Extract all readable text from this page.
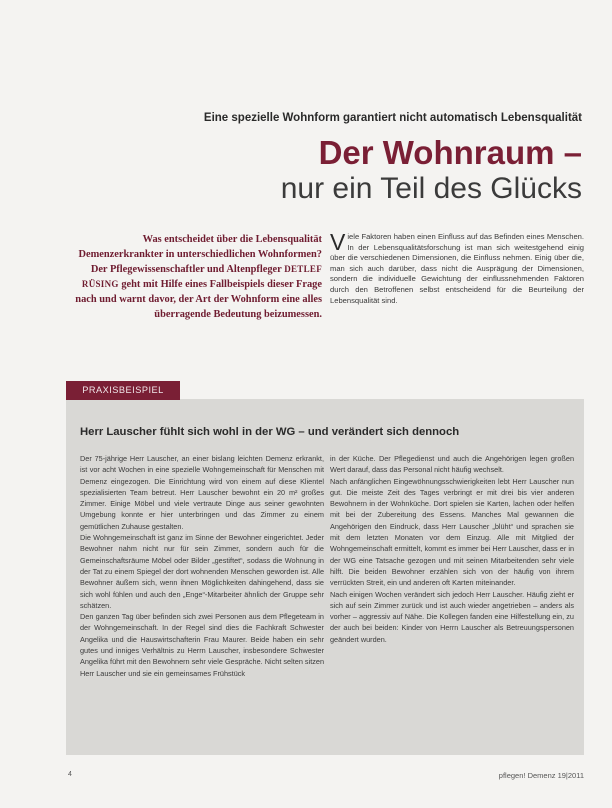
Eine spezielle Wohnform garantiert nicht automatisch Lebensqualität
Der Wohnraum –
nur ein Teil des Glücks
Was entscheidet über die Lebensqualität Demenzerkrankter in unterschiedlichen Wohnformen? Der Pflegewissenschaftler und Altenpfleger DETLEF RÜSING geht mit Hilfe eines Fallbeispiels dieser Frage nach und warnt davor, der Art der Wohnform eine alles überragende Bedeutung beizumessen.
Viele Faktoren haben einen Einfluss auf das Befinden eines Menschen. In der Lebensqualitätsforschung ist man sich weitestgehend einig über die verschiedenen Dimensionen, die Einfluss nehmen. Einig über die, man sich auch darüber, dass nicht die Ausprägung der Dimensionen, sondern die individuelle Gewichtung der einflussnehmenden Faktoren durch den Betroffenen selbst entscheidend für die Beurteilung der Lebensqualität sind.
PRAXISBEISPIEL
Herr Lauscher fühlt sich wohl in der WG – und verändert sich dennoch

Der 75-jährige Herr Lauscher, an einer bislang leichten Demenz erkrankt, ist vor acht Wochen in eine spezielle Wohngemeinschaft für Menschen mit Demenz eingezogen. Die Einrichtung wird von einem auf diese Klientel spezialisierten Team betreut. Herr Lauscher bewohnt ein 20 m² großes Zimmer. Einige Möbel und viele vertraute Dinge aus seiner gewohnten Umgebung konnte er hier unterbringen und das Zimmer zu einem gemütlichen Zuhause gestalten.

Die Wohngemeinschaft ist ganz im Sinne der Bewohner eingerichtet. Jeder Bewohner nahm nicht nur für sein Zimmer, sondern auch für die Gemeinschaftsräume Möbel oder Bilder „gestiftet“, sodass die Wohnung in der Tat zu einem Spiegel der dort wohnenden Menschen geworden ist. Alle Bewohner äußern sich, wenn ihnen Möglichkeiten dahingehend, dass sie sich wohl fühlen und auch den „Enge“-Mitarbeiter ähnlich der Gruppe sehr schätzen.

Den ganzen Tag über befinden sich zwei Personen aus dem Pflegeteam in der Wohngemeinschaft. In der Regel sind dies die Fachkraft Schwester Angelika und die Hauswirtschafterin Frau Maurer. Beide haben ein sehr gutes und inniges Verhältnis zu Herrn Lauscher, insbesondere Schwester Angelika führt mit den Bewohnern sehr viele Gespräche. Nicht selten sitzen Herr Lauscher und sie ein gemeinsames Frühstück

in der Küche. Der Pflegedienst und auch die Angehörigen legen großen Wert darauf, dass das Personal nicht häufig wechselt.

Nach anfänglichen Eingewöhnungsschwierigkeiten lebt Herr Lauscher nun gut. Die meiste Zeit des Tages verbringt er mit drei bis vier anderen Bewohnern in der Wohnküche. Dort spielen sie Karten, lachen oder helfen mit bei der Zubereitung des Essens. Manches Mal gewannen die Angehörigen den Eindruck, dass Herr Lauscher „blüht“ und sprachen sie mit dem letzten Monaten vor dem Einzug. Alle mit Mitglied der Wohngemeinschaft ermittelt, kommt es immer bei Herr Lauscher, dass er in der WG eine Tatsache gezogen und mit seinen Mitarbeitenden sehr viele hilft. Die beiden Bewohner erzählen sich von der häufig von ihrem verrückten Streit, ein und anderen oft Karten miteinander.

Nach einigen Wochen verändert sich jedoch Herr Lauscher. Häufig zieht er sich auf sein Zimmer zurück und ist auch wieder angetrieben – anders als vorher – aggressiv auf Nähe. Die Kollegen fanden eine Hilfestellung ein, zu der auch bei beiden: Kinder von Herrn Lauscher als Betreuungspersonen geändert wurden.

4	pflegen! Demenz 19|2011
